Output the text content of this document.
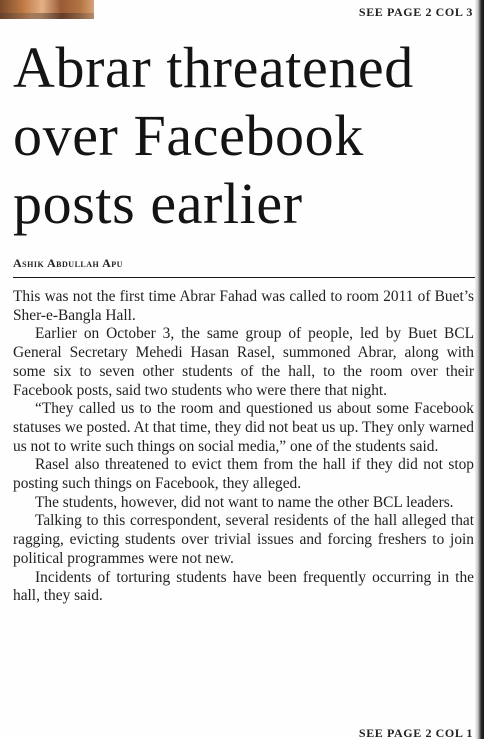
SEE PAGE 2 COL 3
Abrar threatened over Facebook posts earlier
Ashik Abdullah Apu

This was not the first time Abrar Fahad was called to room 2011 of Buet’s Sher-e-Bangla Hall.

Earlier on October 3, the same group of people, led by Buet BCL General Secretary Mehedi Hasan Rasel, summoned Abrar, along with some six to seven other students of the hall, to the room over their Facebook posts, said two students who were there that night.

“They called us to the room and questioned us about some Facebook statuses we posted. At that time, they did not beat us up. They only warned us not to write such things on social media,” one of the students said.

Rasel also threatened to evict them from the hall if they did not stop posting such things on Facebook, they alleged.

The students, however, did not want to name the other BCL leaders.

Talking to this correspondent, several residents of the hall alleged that ragging, evicting students over trivial issues and forcing freshers to join political programmes were not new.

Incidents of torturing students have been frequently occurring in the hall, they said.

SEE PAGE 2 COL 1
